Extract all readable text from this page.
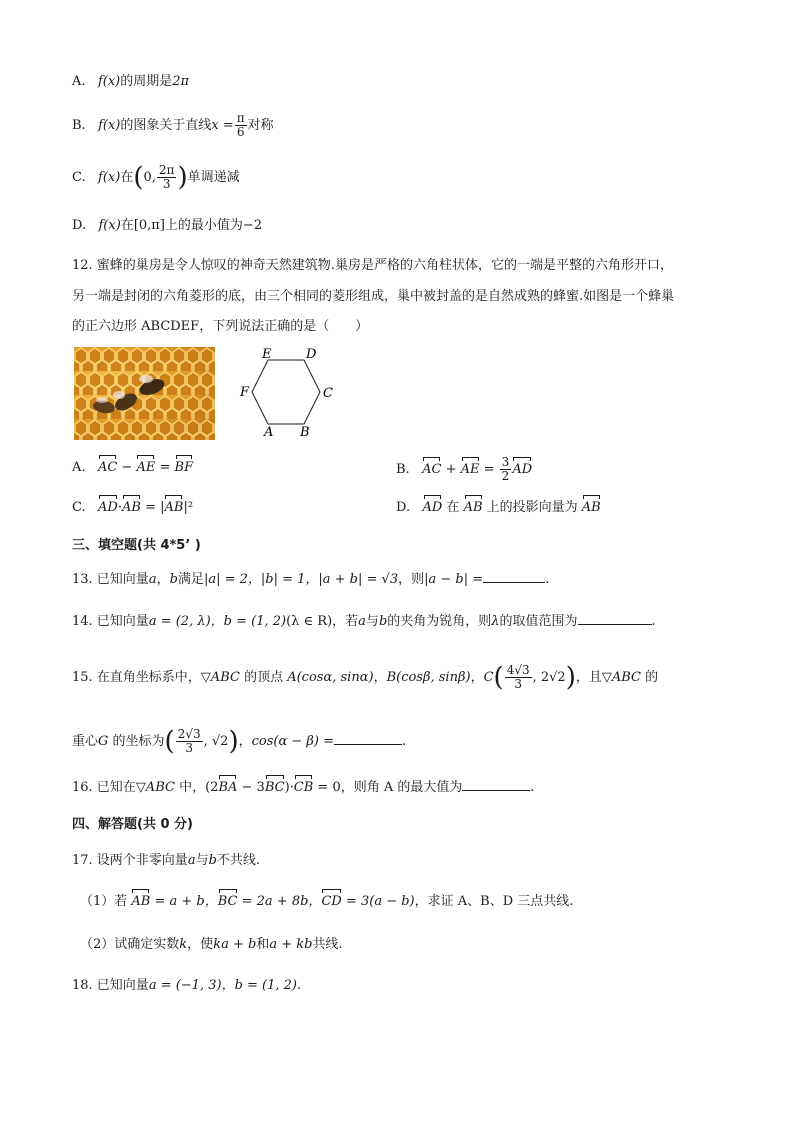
A. f(x)的周期是2π
B. f(x)的图象关于直线$x = \frac{\pi}{6}$ 对称
C. f(x)在(0, $\frac{2\pi}{3}$ )单调递减
D. f(x)在[0,π]上的最小值为−2
12. 蜜蜂的巢房是令人惊叹的神奇天然建筑物.巢房是严格的六角柱状体，它的一端是平整的六角形开口，
另一端是封闭的六角菱形的底，由三个相同的菱形组成，巢中被封盖的是自然成熟的蜂蜜.如图是一个蜂巢
的正六边形 ABCDEF，下列说法正确的是（　　）
E	D
F	C
A B
A. AC − AE = BF	B. AC + AE = $\frac{3}{2}$ AD
C. AD·AB = |AB|²	D. AD 在 AB 上的投影向量为 AB
三、填空题(共 4*5’ )
13. 已知向量a，b满足|a| = 2，|b| = 1，|a + b| = √3，则|a − b| =	.
14. 已知向量a = (2, λ)，b = (1, 2)(λ ∈ R)，若a与b的夹角为锐角，则λ的取值范围为	.
15. 在直角坐标系中，▽ABC 的顶点 A(cosα, sinα)，B(cosβ, sinβ)，$C( \frac{4√3}{3}$ , 2√2)，且▽ABC 的
重心G 的坐标为( $\frac{2√3}{3}$ , √2)，cos(α − β) =	.
16. 已知在▽ABC 中，(2BA − 3BC)·CB = 0，则角 A 的最大值为	.
四、解答题(共 0 分)
17. 设两个非零向量a与b不共线.
（1）若 AB = a + b，BC = 2a + 8b，CD = 3(a − b)，求证 A、B、D 三点共线.
（2）试确定实数k，使ka + b和a + kb共线.
18. 已知向量a = (−1, 3)，b = (1, 2).
